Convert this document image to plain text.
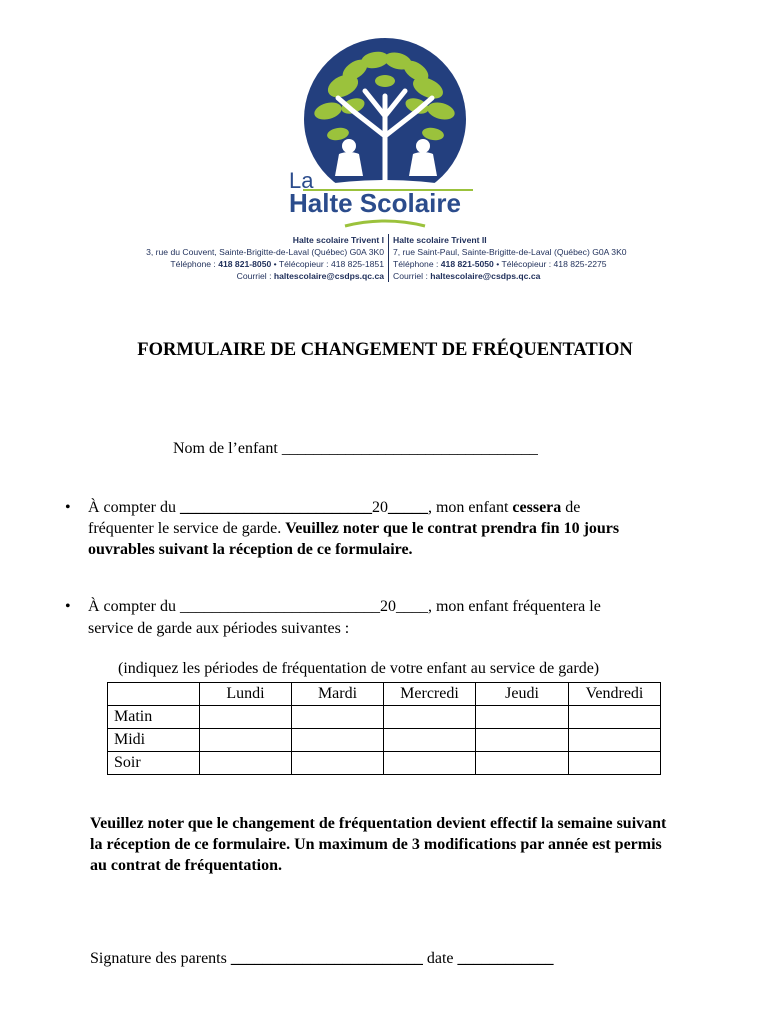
La
Halte Scolaire
Halte scolaire Trivent I
3, rue du Couvent, Sainte-Brigitte-de-Laval (Québec) G0A 3K0
Téléphone : 418 821-8050 • Télécopieur : 418 825-1851
Courriel : haltescolaire@csdps.qc.ca
Halte scolaire Trivent II
7, rue Saint-Paul, Sainte-Brigitte-de-Laval (Québec) G0A 3K0
Téléphone : 418 821-5050 • Télécopieur : 418 825-2275
Courriel : haltescolaire@csdps.qc.ca
FORMULAIRE DE CHANGEMENT DE FRÉQUENTATION
Nom de l’enfant ________________________________
• À compter du ________________________20_____, mon enfant cessera de
fréquenter le service de garde. Veuillez noter que le contrat prendra fin 10 jours
ouvrables suivant la réception de ce formulaire.
• À compter du _________________________20____, mon enfant fréquentera le
service de garde aux périodes suivantes :
(indiquez les périodes de fréquentation de votre enfant au service de garde)
	Lundi	Mardi	Mercredi	Jeudi	Vendredi
Matin					
Midi					
Soir					
Veuillez noter que le changement de fréquentation devient effectif la semaine suivant
la réception de ce formulaire. Un maximum de 3 modifications par année est permis
au contrat de fréquentation.
Signature des parents ________________________ date ____________
